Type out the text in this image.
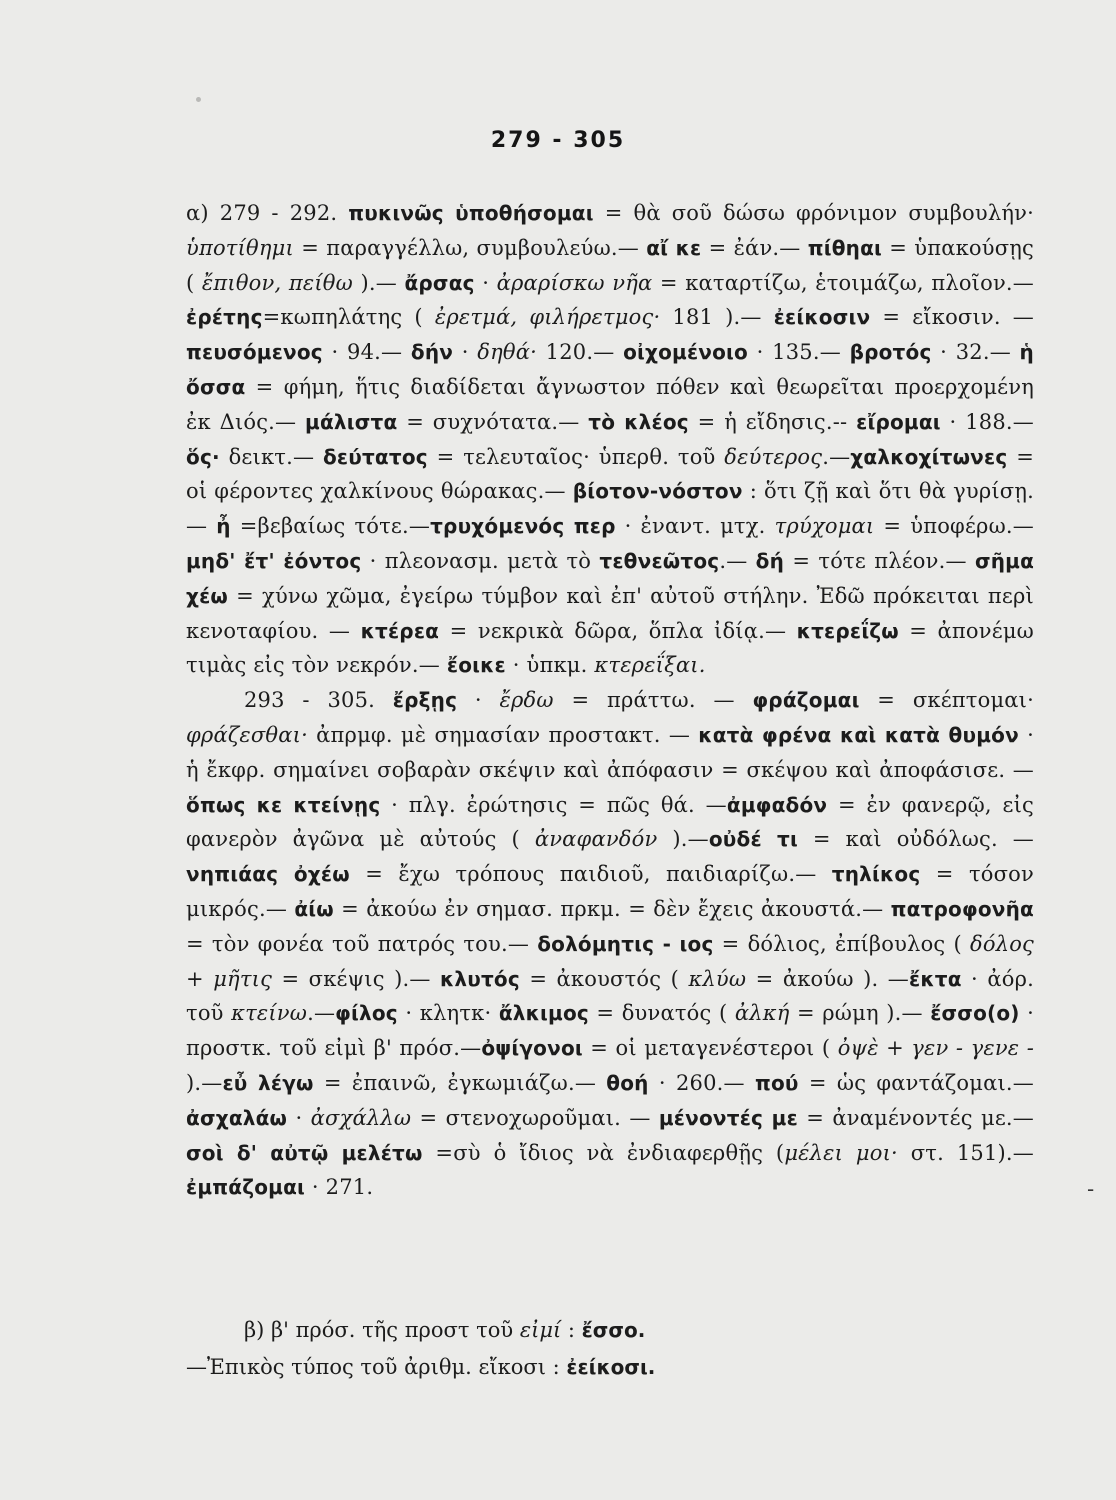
279 - 305

α) 279 - 292. πυκινῶς ὑποθήσομαι = θὰ σοῦ δώσω φρόνιμον συμβουλήν· ὑποτίθημι = παραγγέλλω, συμβουλεύω.— αἴ κε = ἐάν.— πίθηαι = ὑπακούσῃς ( ἔπιθον, πείθω ).— ἄρσας · ἀραρίσκω νῆα = καταρτίζω, ἑτοιμάζω, πλοῖον.—ἐρέτης=κωπηλάτης ( ἐρετμά, φιλήρετμος· 181 ).— ἐείκοσιν = εἴκοσιν. — πευσόμενος · 94.— δήν · δηθά· 120.— οἰχομένοιο · 135.— βροτός · 32.— ἡ ὄσσα = φήμη, ἥτις διαδίδεται ἄγνωστον πόθεν καὶ θεωρεῖται προερχομένη ἐκ Διός.— μάλιστα = συχνότατα.— τὸ κλέος = ἡ εἴδησις.-- εἴρομαι · 188.—ὅς· δεικτ.— δεύτατος = τελευταῖος· ὑπερθ. τοῦ δεύτερος.—χαλκοχίτωνες = οἱ φέροντες χαλκίνους θώρακας.— βίοτον-νόστον : ὅτι ζῇ καὶ ὅτι θὰ γυρίσῃ.— ἦ =βεβαίως τότε.—τρυχόμενός περ · ἐναντ. μτχ. τρύχομαι = ὑποφέρω.— μηδ' ἔτ' ἐόντος · πλεονασμ. μετὰ τὸ τεθνεῶτος.— δή = τότε πλέον.— σῆμα χέω = χύνω χῶμα, ἐγείρω τύμβον καὶ ἐπ' αὐτοῦ στήλην. Ἐδῶ πρόκειται περὶ κενοταφίου. — κτέρεα = νεκρικὰ δῶρα, ὅπλα ἰδίᾳ.— κτερεΐζω = ἀπονέμω τιμὰς εἰς τὸν νεκρόν.— ἔοικε · ὑπκμ. κτερεΐξαι.

293 - 305. ἔρξῃς · ἔρδω = πράττω. — φράζομαι = σκέπτομαι· φράζεσθαι· ἀπρμφ. μὲ σημασίαν προστακτ. — κατὰ φρένα καὶ κατὰ θυμόν · ἡ ἔκφρ. σημαίνει σοβαρὰν σκέψιν καὶ ἀπόφασιν = σκέψου καὶ ἀποφάσισε. — ὅπως κε κτείνῃς · πλγ. ἐρώτησις = πῶς θά. —ἀμφαδόν = ἐν φανερῷ, εἰς φανερὸν ἀγῶνα μὲ αὐτούς ( ἀναφανδόν ).—οὐδέ τι = καὶ οὐδόλως. — νηπιάας ὀχέω = ἔχω τρόπους παιδιοῦ, παιδιαρίζω.— τηλίκος = τόσον μικρός.— ἀίω = ἀκούω ἐν σημασ. πρκμ. = δὲν ἔχεις ἀκουστά.— πατροφονῆα = τὸν φονέα τοῦ πατρός του.— δολόμητις - ιος = δόλιος, ἐπίβουλος ( δόλος + μῆτις = σκέψις ).— κλυτός = ἀκουστός ( κλύω = ἀκούω ). —ἔκτα · ἀόρ. τοῦ κτείνω.—φίλος · κλητκ· ἄλκιμος = δυνατός ( ἀλκή = ρώμη ).— ἔσσο(ο) · προστκ. τοῦ εἰμὶ β' πρόσ.—ὀψίγονοι = οἱ μεταγενέστεροι ( ὀψὲ + γεν - γενε - ).—εὖ λέγω = ἐπαινῶ, ἐγκωμιάζω.— θοή · 260.— πού = ὡς φαντάζομαι.— ἀσχαλάω · ἀσχάλλω = στενοχωροῦμαι. — μένοντές με = ἀναμένοντές με.— σοὶ δ' αὐτῷ μελέτω =σὺ ὁ ἴδιος νὰ ἐνδιαφερθῇς (μέλει μοι· στ. 151).— ἐμπάζομαι · 271.

β) β' πρόσ. τῆς προστ τοῦ εἰμί : ἔσσο.

—Ἐπικὸς τύπος τοῦ ἀριθμ. εἴκοσι : ἐείκοσι.

-
